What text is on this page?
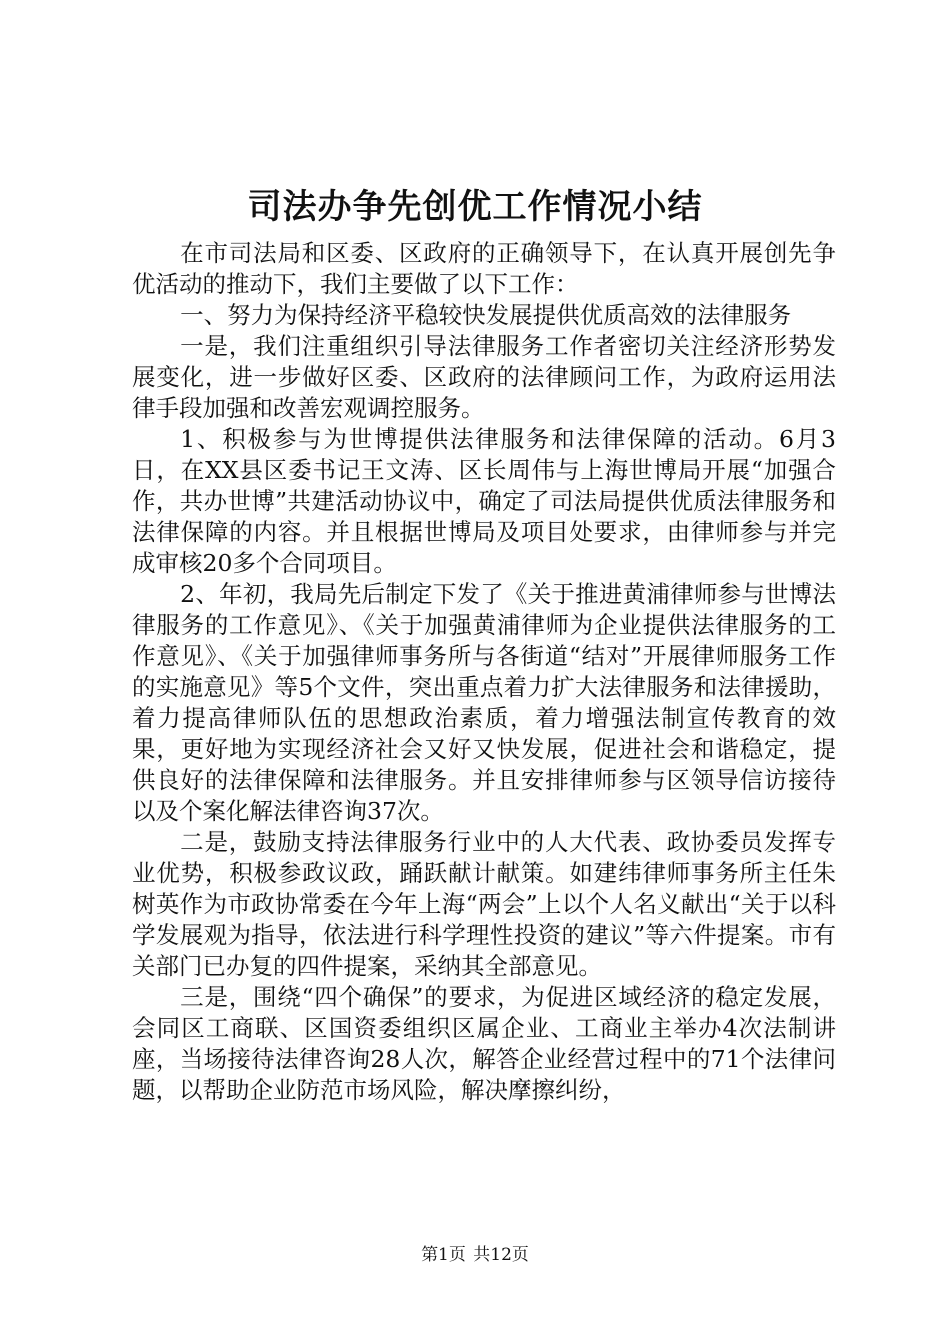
司法办争先创优工作情况小结

在市司法局和区委、区政府的正确领导下，在认真开展创先争优活动的推动下，我们主要做了以下工作：

一、努力为保持经济平稳较快发展提供优质高效的法律服务

一是，我们注重组织引导法律服务工作者密切关注经济形势发展变化，进一步做好区委、区政府的法律顾问工作，为政府运用法律手段加强和改善宏观调控服务。

1、积极参与为世博提供法律服务和法律保障的活动。6月3日，在XX县区委书记王文涛、区长周伟与上海世博局开展“加强合作，共办世博”共建活动协议中，确定了司法局提供优质法律服务和法律保障的内容。并且根据世博局及项目处要求，由律师参与并完成审核20多个合同项目。

2、年初，我局先后制定下发了《关于推进黄浦律师参与世博法律服务的工作意见》、《关于加强黄浦律师为企业提供法律服务的工作意见》、《关于加强律师事务所与各街道“结对”开展律师服务工作的实施意见》等5个文件，突出重点着力扩大法律服务和法律援助，着力提高律师队伍的思想政治素质，着力增强法制宣传教育的效果，更好地为实现经济社会又好又快发展，促进社会和谐稳定，提供良好的法律保障和法律服务。并且安排律师参与区领导信访接待以及个案化解法律咨询37次。

二是，鼓励支持法律服务行业中的人大代表、政协委员发挥专业优势，积极参政议政，踊跃献计献策。如建纬律师事务所主任朱树英作为市政协常委在今年上海“两会”上以个人名义献出“关于以科学发展观为指导，依法进行科学理性投资的建议”等六件提案。市有关部门已办复的四件提案，采纳其全部意见。

三是，围绕“四个确保”的要求，为促进区域经济的稳定发展，会同区工商联、区国资委组织区属企业、工商业主举办4次法制讲座，当场接待法律咨询28人次，解答企业经营过程中的71个法律问题，以帮助企业防范市场风险，解决摩擦纠纷，

第1页 共12页
